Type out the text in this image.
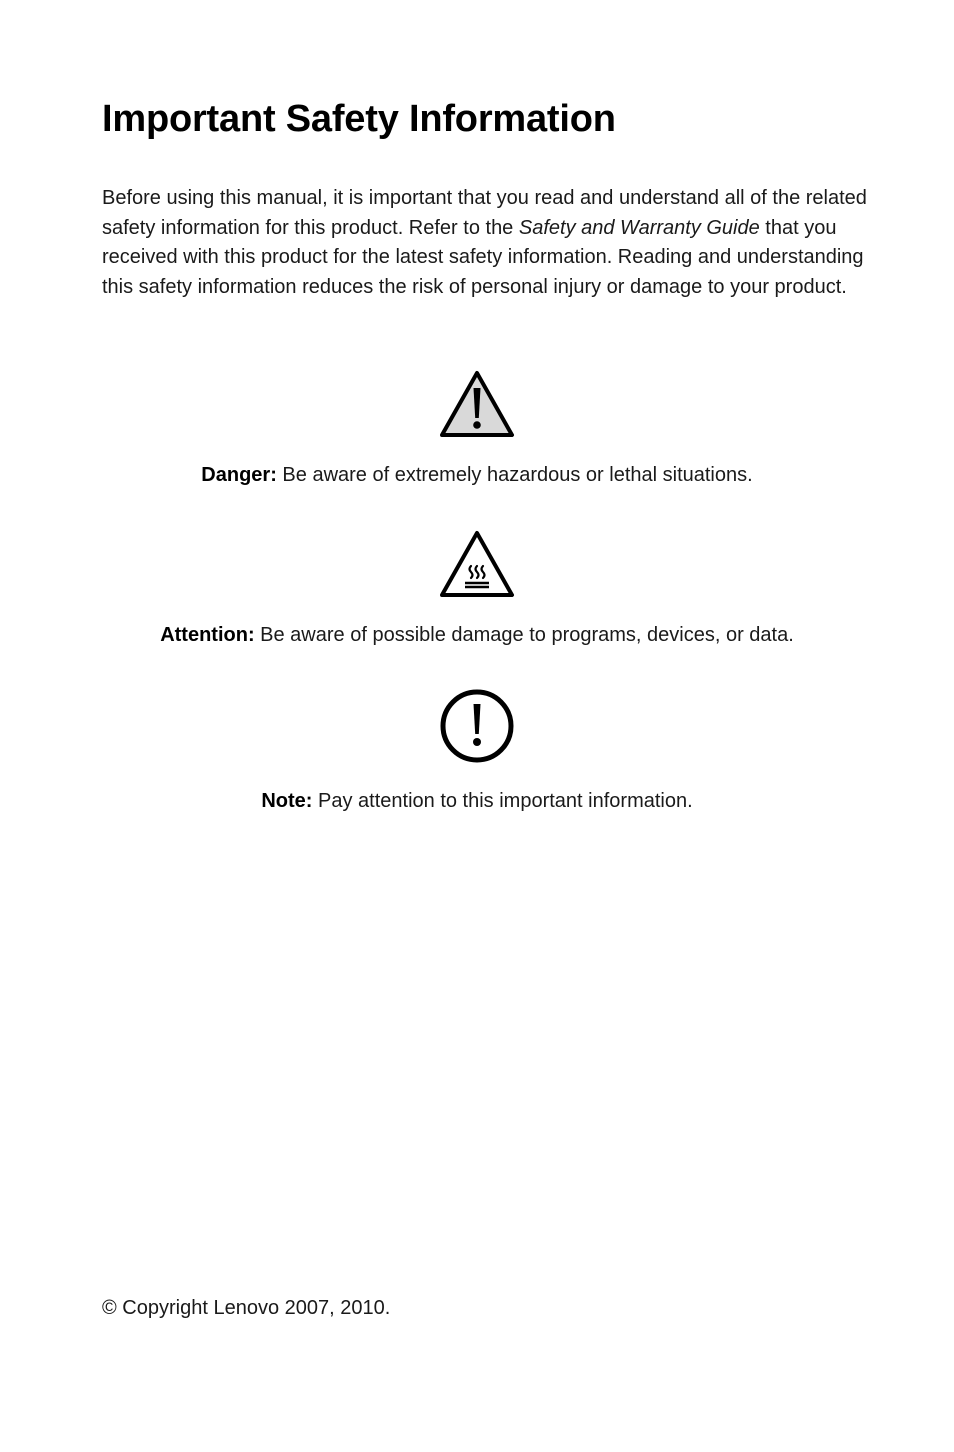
Important Safety Information

Before using this manual, it is important that you read and understand all of the related safety information for this product. Refer to the Safety and Warranty Guide that you received with this product for the latest safety information. Reading and understanding this safety information reduces the risk of personal injury or damage to your product.

Danger: Be aware of extremely hazardous or lethal situations.
Attention: Be aware of possible damage to programs, devices, or data.
Note: Pay attention to this important information.

© Copyright Lenovo 2007, 2010.
